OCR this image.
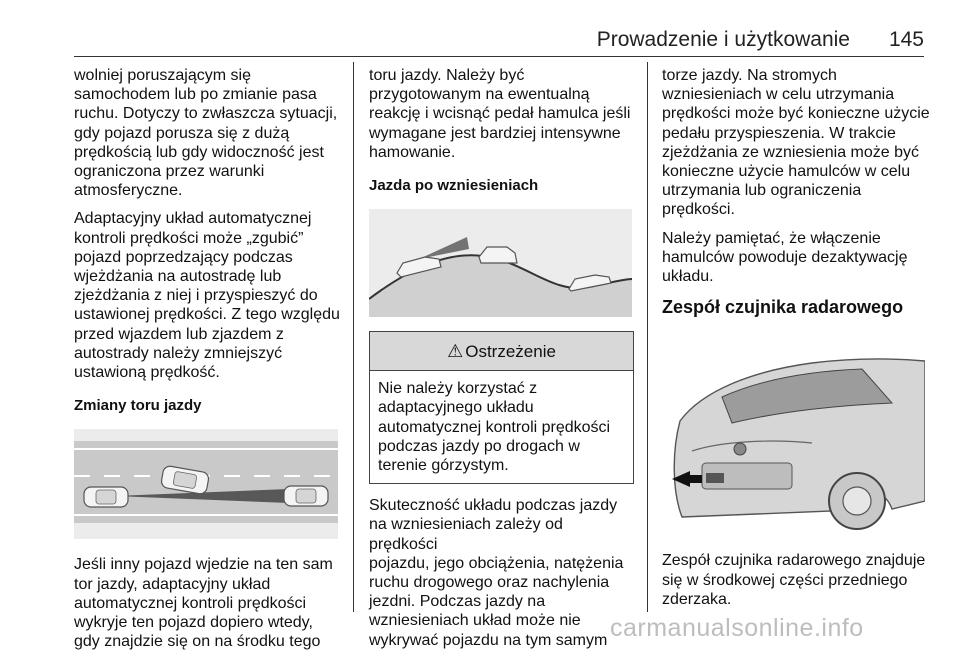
Prowadzenie i użytkowanie 145

wolniej poruszającym się
samochodem lub po zmianie pasa
ruchu. Dotyczy to zwłaszcza sytuacji,
gdy pojazd porusza się z dużą
prędkością lub gdy widoczność jest
ograniczona przez warunki
atmosferyczne.

Adaptacyjny układ automatycznej
kontroli prędkości może „zgubić”
pojazd poprzedzający podczas
wjeżdżania na autostradę lub
zjeżdżania z niej i przyspieszyć do
ustawionej prędkości. Z tego względu
przed wjazdem lub zjazdem z
autostrady należy zmniejszyć
ustawioną prędkość.

Zmiany toru jazdy

Jeśli inny pojazd wjedzie na ten sam
tor jazdy, adaptacyjny układ
automatycznej kontroli prędkości
wykryje ten pojazd dopiero wtedy,
gdy znajdzie się on na środku tego

toru jazdy. Należy być
przygotowanym na ewentualną
reakcję i wcisnąć pedał hamulca jeśli
wymagane jest bardziej intensywne
hamowanie.

Jazda po wzniesieniach
⚠ Ostrzeżenie
Nie należy korzystać z
adaptacyjnego układu
automatycznej kontroli prędkości
podczas jazdy po drogach w
terenie górzystym.

Skuteczność układu podczas jazdy
na wzniesieniach zależy od prędkości
pojazdu, jego obciążenia, natężenia
ruchu drogowego oraz nachylenia
jezdni. Podczas jazdy na
wzniesieniach układ może nie
wykrywać pojazdu na tym samym

torze jazdy. Na stromych
wzniesieniach w celu utrzymania
prędkości może być konieczne użycie
pedału przyspieszenia. W trakcie
zjeżdżania ze wzniesienia może być
konieczne użycie hamulców w celu
utrzymania lub ograniczenia
prędkości.

Należy pamiętać, że włączenie
hamulców powoduje dezaktywację
układu.

Zespół czujnika radarowego

Zespół czujnika radarowego znajduje
się w środkowej części przedniego
zderzaka.

carmanualsonline.info
